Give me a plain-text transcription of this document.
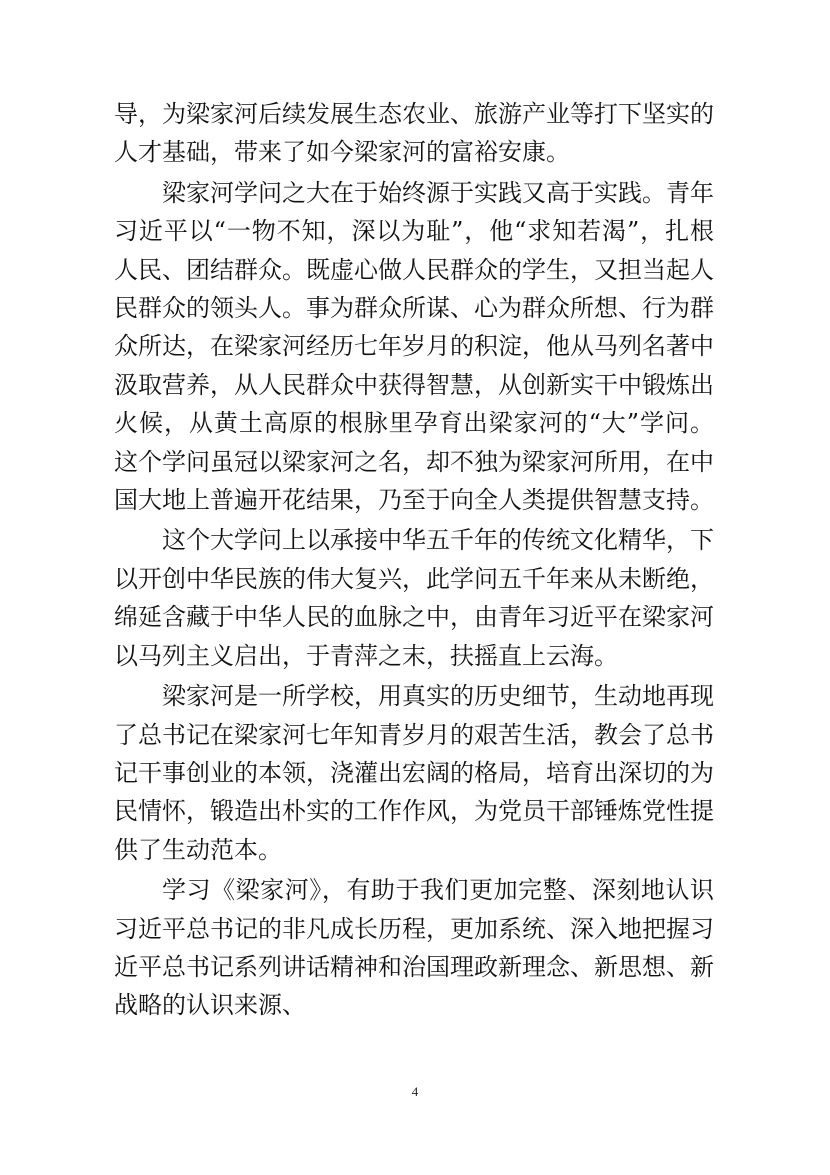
导，为梁家河后续发展生态农业、旅游产业等打下坚实的人才基础，带来了如今梁家河的富裕安康。

梁家河学问之大在于始终源于实践又高于实践。青年习近平以“一物不知，深以为耻”，他“求知若渴”，扎根人民、团结群众。既虚心做人民群众的学生，又担当起人民群众的领头人。事为群众所谋、心为群众所想、行为群众所达，在梁家河经历七年岁月的积淀，他从马列名著中汲取营养，从人民群众中获得智慧，从创新实干中锻炼出火候，从黄土高原的根脉里孕育出梁家河的“大”学问。这个学问虽冠以梁家河之名，却不独为梁家河所用，在中国大地上普遍开花结果，乃至于向全人类提供智慧支持。

这个大学问上以承接中华五千年的传统文化精华，下以开创中华民族的伟大复兴，此学问五千年来从未断绝，绵延含藏于中华人民的血脉之中，由青年习近平在梁家河以马列主义启出，于青萍之末，扶摇直上云海。

梁家河是一所学校，用真实的历史细节，生动地再现了总书记在梁家河七年知青岁月的艰苦生活，教会了总书记干事创业的本领，浇灌出宏阔的格局，培育出深切的为民情怀，锻造出朴实的工作作风，为党员干部锤炼党性提供了生动范本。

学习《梁家河》，有助于我们更加完整、深刻地认识习近平总书记的非凡成长历程，更加系统、深入地把握习近平总书记系列讲话精神和治国理政新理念、新思想、新战略的认识来源、

4
